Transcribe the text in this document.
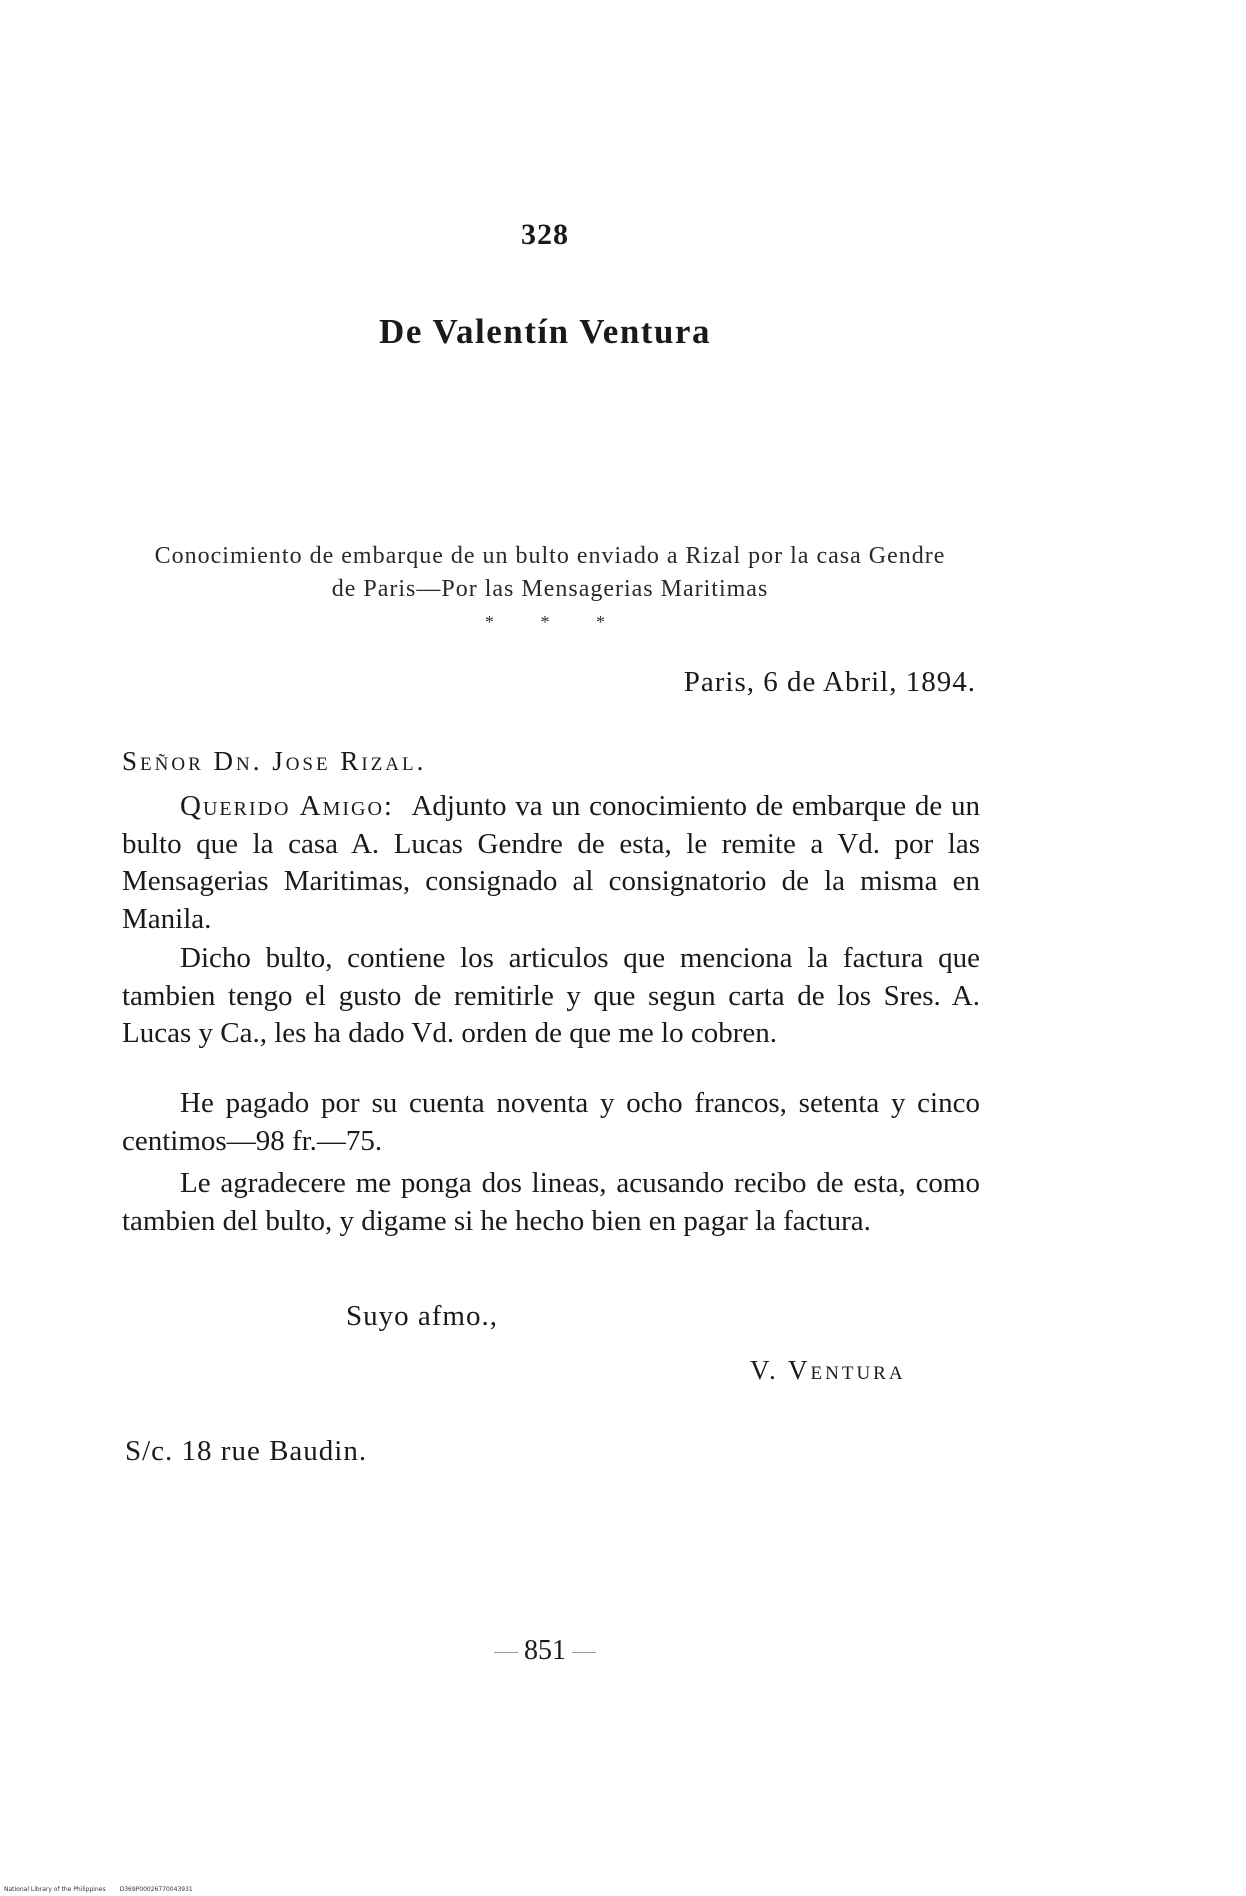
328
De Valentín Ventura
Conocimiento de embarque de un bulto enviado a Rizal por la casa Gendre de Paris—Por las Mensagerias Maritimas
* * *
Paris, 6 de Abril, 1894.
Señor Dn. Jose Rizal.

Querido Amigo: Adjunto va un conocimiento de embarque de un bulto que la casa A. Lucas Gendre de esta, le remite a Vd. por las Mensagerias Maritimas, consignado al consignatorio de la misma en Manila.

Dicho bulto, contiene los articulos que menciona la factura que tambien tengo el gusto de remitirle y que segun carta de los Sres. A. Lucas y Ca., les ha dado Vd. orden de que me lo cobren.

He pagado por su cuenta noventa y ocho francos, setenta y cinco centimos—98 fr.—75.

Le agradecere me ponga dos lineas, acusando recibo de esta, como tambien del bulto, y digame si he hecho bien en pagar la factura.

Suyo afmo.,
V. Ventura
S/c. 18 rue Baudin.
851
National Library of the Philippines D369P00026770043931
